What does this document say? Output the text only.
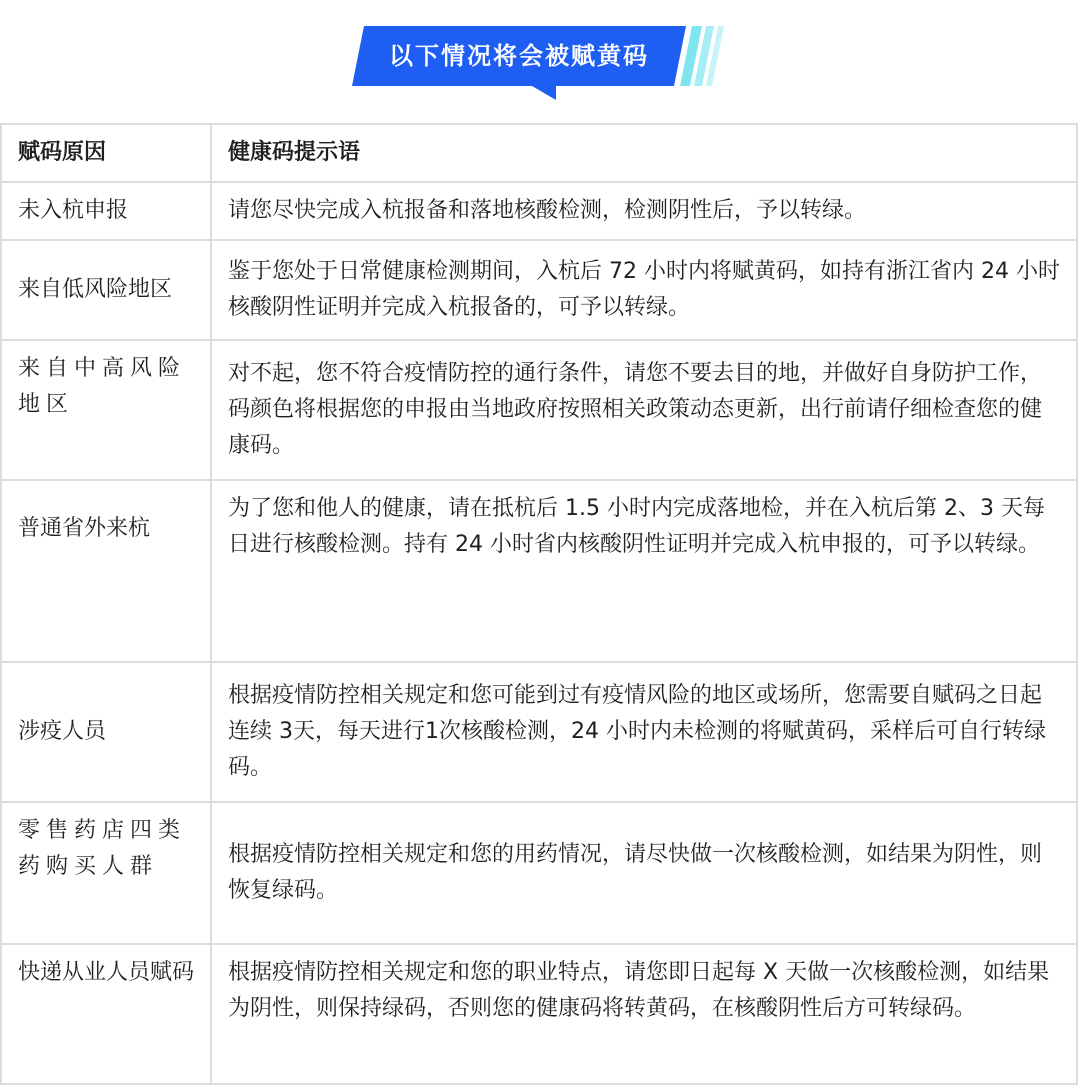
以下情况将会被赋黄码
赋码原因	健康码提示语
未入杭申报	请您尽快完成入杭报备和落地核酸检测，检测阴性后，予以转绿。
来自低风险地区	鉴于您处于日常健康检测期间，入杭后 72 小时内将赋黄码，如持有浙江省内 24 小时核酸阴性证明并完成入杭报备的，可予以转绿。
来自中高风险地区	对不起，您不符合疫情防控的通行条件，请您不要去目的地，并做好自身防护工作，码颜色将根据您的申报由当地政府按照相关政策动态更新，出行前请仔细检查您的健康码。
普通省外来杭	为了您和他人的健康，请在抵杭后 1.5 小时内完成落地检，并在入杭后第 2、3 天每日进行核酸检测。持有 24 小时省内核酸阴性证明并完成入杭申报的，可予以转绿。
涉疫人员	根据疫情防控相关规定和您可能到过有疫情风险的地区或场所，您需要自赋码之日起连续 3天，每天进行1次核酸检测，24 小时内未检测的将赋黄码，采样后可自行转绿码。
零售药店四类药购买人群	根据疫情防控相关规定和您的用药情况，请尽快做一次核酸检测，如结果为阴性，则恢复绿码。
快递从业人员赋码	根据疫情防控相关规定和您的职业特点，请您即日起每 X 天做一次核酸检测，如结果为阴性，则保持绿码，否则您的健康码将转黄码，在核酸阴性后方可转绿码。
